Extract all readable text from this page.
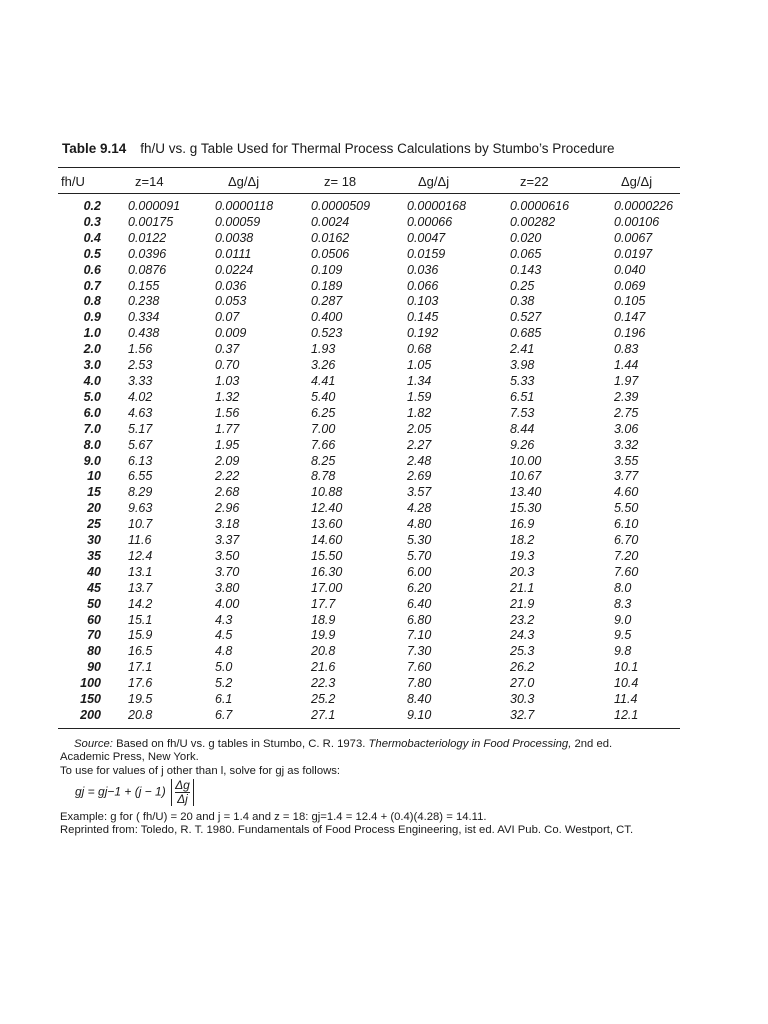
Table 9.14 fh/U vs. g Table Used for Thermal Process Calculations by Stumbo’s Procedure
fh/U	z=14	Δg/Δj	z= 18	Δg/Δj	z=22	Δg/Δj
0.2	0.000091	0.0000118	0.0000509	0.0000168	0.0000616	0.0000226
0.3	0.00175	0.00059	0.0024	0.00066	0.00282	0.00106
0.4	0.0122	0.0038	0.0162	0.0047	0.020	0.0067
0.5	0.0396	0.0111	0.0506	0.0159	0.065	0.0197
0.6	0.0876	0.0224	0.109	0.036	0.143	0.040
0.7	0.155	0.036	0.189	0.066	0.25	0.069
0.8	0.238	0.053	0.287	0.103	0.38	0.105
0.9	0.334	0.07	0.400	0.145	0.527	0.147
1.0	0.438	0.009	0.523	0.192	0.685	0.196
2.0	1.56	0.37	1.93	0.68	2.41	0.83
3.0	2.53	0.70	3.26	1.05	3.98	1.44
4.0	3.33	1.03	4.41	1.34	5.33	1.97
5.0	4.02	1.32	5.40	1.59	6.51	2.39
6.0	4.63	1.56	6.25	1.82	7.53	2.75
7.0	5.17	1.77	7.00	2.05	8.44	3.06
8.0	5.67	1.95	7.66	2.27	9.26	3.32
9.0	6.13	2.09	8.25	2.48	10.00	3.55
10	6.55	2.22	8.78	2.69	10.67	3.77
15	8.29	2.68	10.88	3.57	13.40	4.60
20	9.63	2.96	12.40	4.28	15.30	5.50
25	10.7	3.18	13.60	4.80	16.9	6.10
30	11.6	3.37	14.60	5.30	18.2	6.70
35	12.4	3.50	15.50	5.70	19.3	7.20
40	13.1	3.70	16.30	6.00	20.3	7.60
45	13.7	3.80	17.00	6.20	21.1	8.0
50	14.2	4.00	17.7	6.40	21.9	8.3
60	15.1	4.3	18.9	6.80	23.2	9.0
70	15.9	4.5	19.9	7.10	24.3	9.5
80	16.5	4.8	20.8	7.30	25.3	9.8
90	17.1	5.0	21.6	7.60	26.2	10.1
100	17.6	5.2	22.3	7.80	27.0	10.4
150	19.5	6.1	25.2	8.40	30.3	11.4
200	20.8	6.7	27.1	9.10	32.7	12.1

Source: Based on fh/U vs. g tables in Stumbo, C. R. 1973. Thermobacteriology in Food Processing, 2nd ed.

Academic Press, New York.

To use for values of j other than l, solve for gj as follows:

gj = $gj-1 + (j - 1) \frac{\Delta g}{\Delta j}$

Example: g for ( fh/U) = 20 and j = 1.4 and z = 18: gj=1.4 = 12.4 + (0.4)(4.28) = 14.11.

Reprinted from: Toledo, R. T. 1980. Fundamentals of Food Process Engineering, ist ed. AVI Pub. Co. Westport, CT.
